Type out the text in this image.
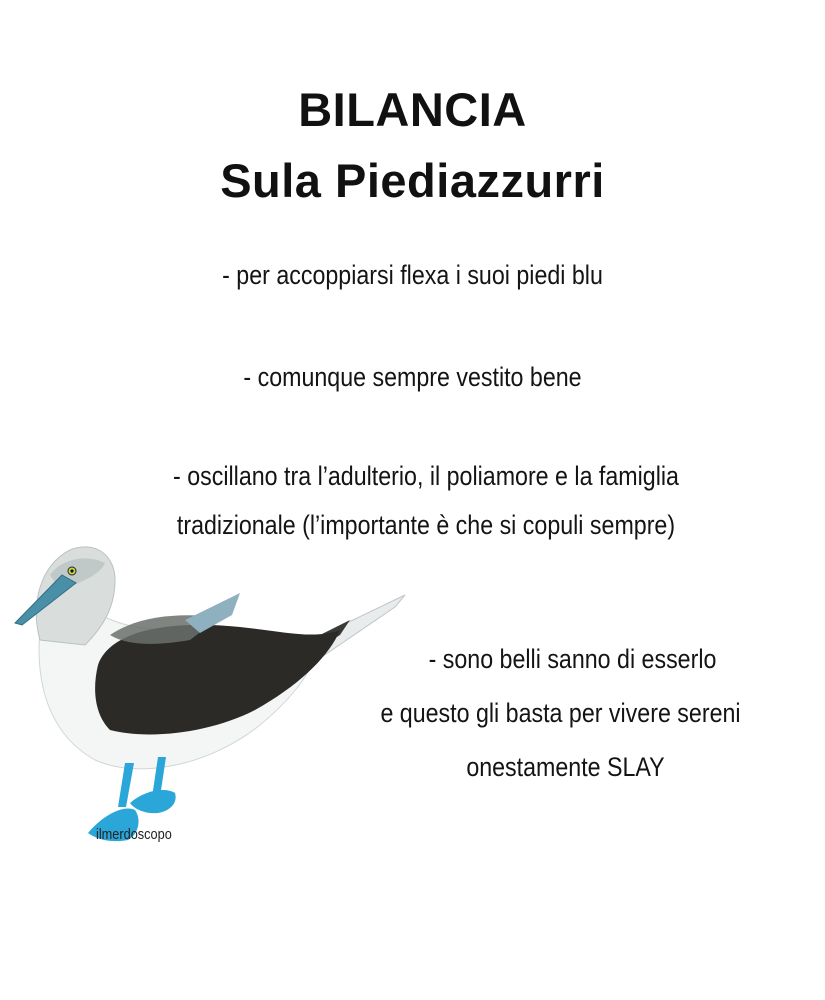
BILANCIA
Sula Piediazzurri
- per accoppiarsi flexa i suoi piedi blu
- comunque sempre vestito bene
- oscillano tra l’adulterio, il poliamore e la famiglia
tradizionale (l’importante è che si copuli sempre)
- sono belli sanno di esserlo
e questo gli basta per vivere sereni
onestamente SLAY
ilmerdoscopo
